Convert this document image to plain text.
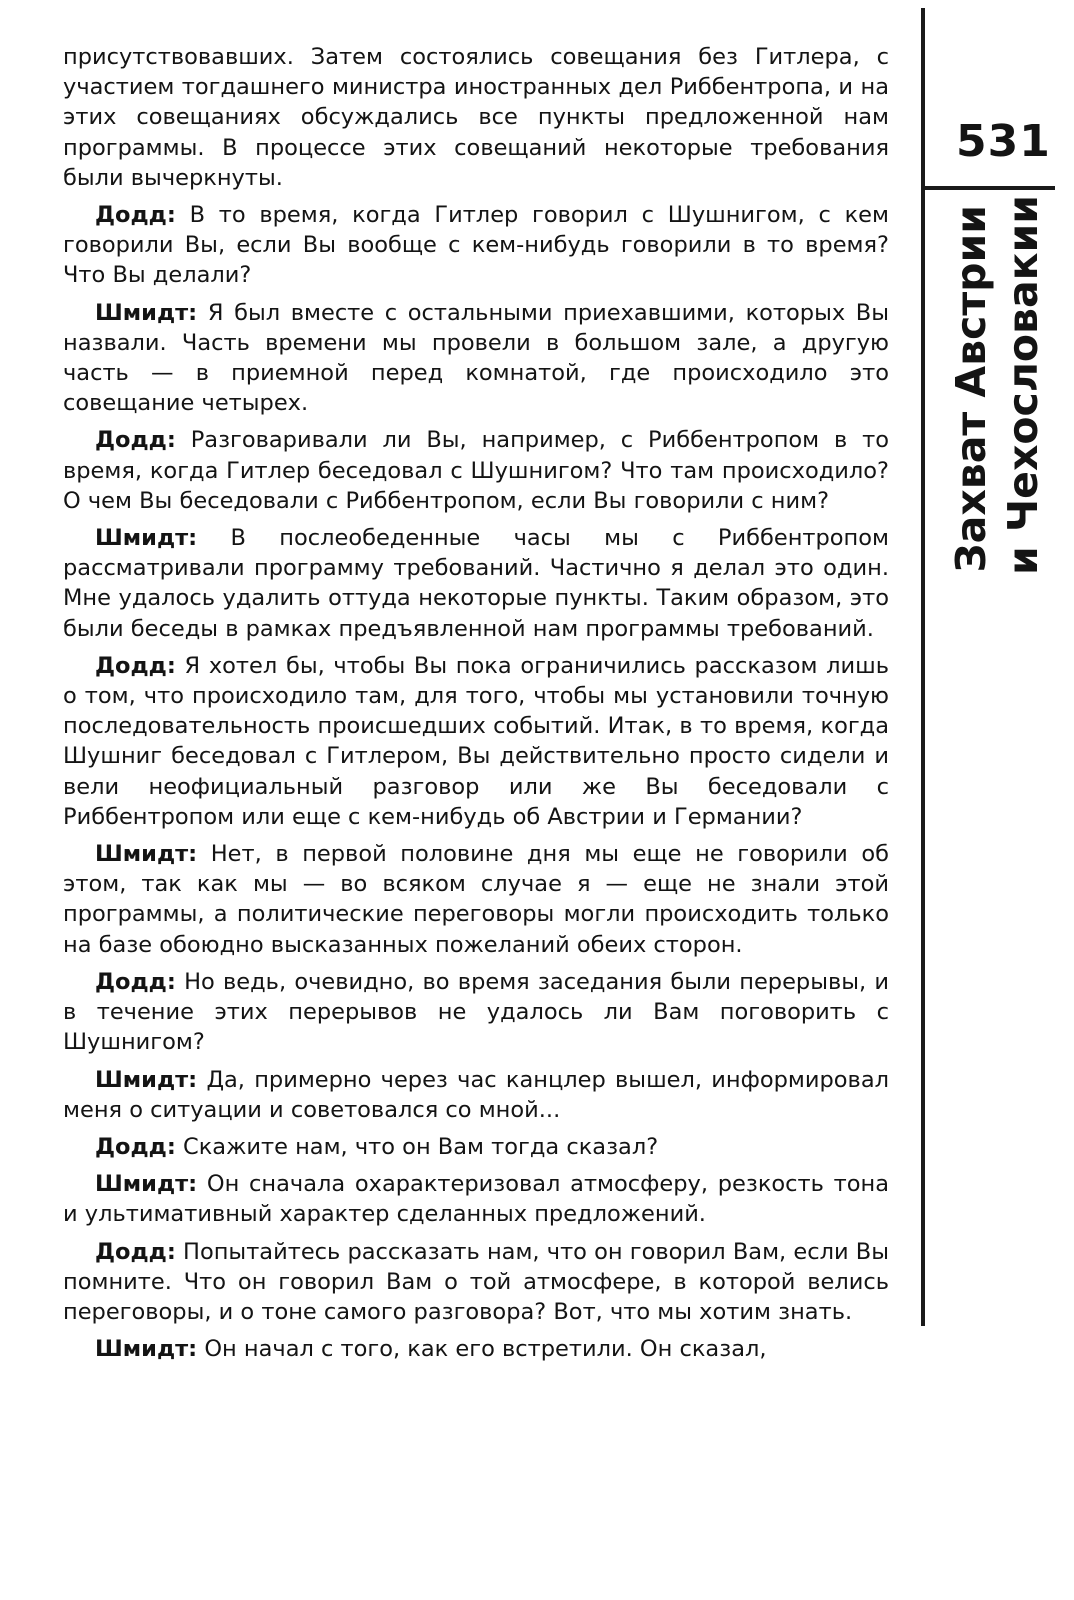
присутствовавших. Затем состоялись совещания без Гитлера, с участием тогдашнего министра иностранных дел Риббентропа, и на этих совещаниях обсуждались все пункты предложенной нам программы. В процессе этих совещаний некоторые требования были вычеркнуты.

Додд: В то время, когда Гитлер говорил с Шушнигом, с кем говорили Вы, если Вы вообще с кем-нибудь говорили в то время? Что Вы делали?

Шмидт: Я был вместе с остальными приехавшими, которых Вы назвали. Часть времени мы провели в большом зале, а другую часть — в приемной перед комнатой, где происходило это совещание четырех.

Додд: Разговаривали ли Вы, например, с Риббентропом в то время, когда Гитлер беседовал с Шушнигом? Что там происходило? О чем Вы беседовали с Риббентропом, если Вы говорили с ним?

Шмидт: В послеобеденные часы мы с Риббентропом рассматривали программу требований. Частично я делал это один. Мне удалось удалить оттуда некоторые пункты. Таким образом, это были беседы в рамках предъявленной нам программы требований.

Додд: Я хотел бы, чтобы Вы пока ограничились рассказом лишь о том, что происходило там, для того, чтобы мы установили точную последовательность происшедших событий. Итак, в то время, когда Шушниг беседовал с Гитлером, Вы действительно просто сидели и вели неофициальный разговор или же Вы беседовали с Риббентропом или еще с кем-нибудь об Австрии и Германии?

Шмидт: Нет, в первой половине дня мы еще не говорили об этом, так как мы — во всяком случае я — еще не знали этой программы, а политические переговоры могли происходить только на базе обоюдно высказанных пожеланий обеих сторон.

Додд: Но ведь, очевидно, во время заседания были перерывы, и в течение этих перерывов не удалось ли Вам поговорить с Шушнигом?

Шмидт: Да, примерно через час канцлер вышел, информировал меня о ситуации и советовался со мной...

Додд: Скажите нам, что он Вам тогда сказал?

Шмидт: Он сначала охарактеризовал атмосферу, резкость тона и ультимативный характер сделанных предложений.

Додд: Попытайтесь рассказать нам, что он говорил Вам, если Вы помните. Что он говорил Вам о той атмосфере, в которой велись переговоры, и о тоне самого разговора? Вот, что мы хотим знать.

Шмидт: Он начал с того, как его встретили. Он сказал,

531
Захват Австрии и Чехословакии
